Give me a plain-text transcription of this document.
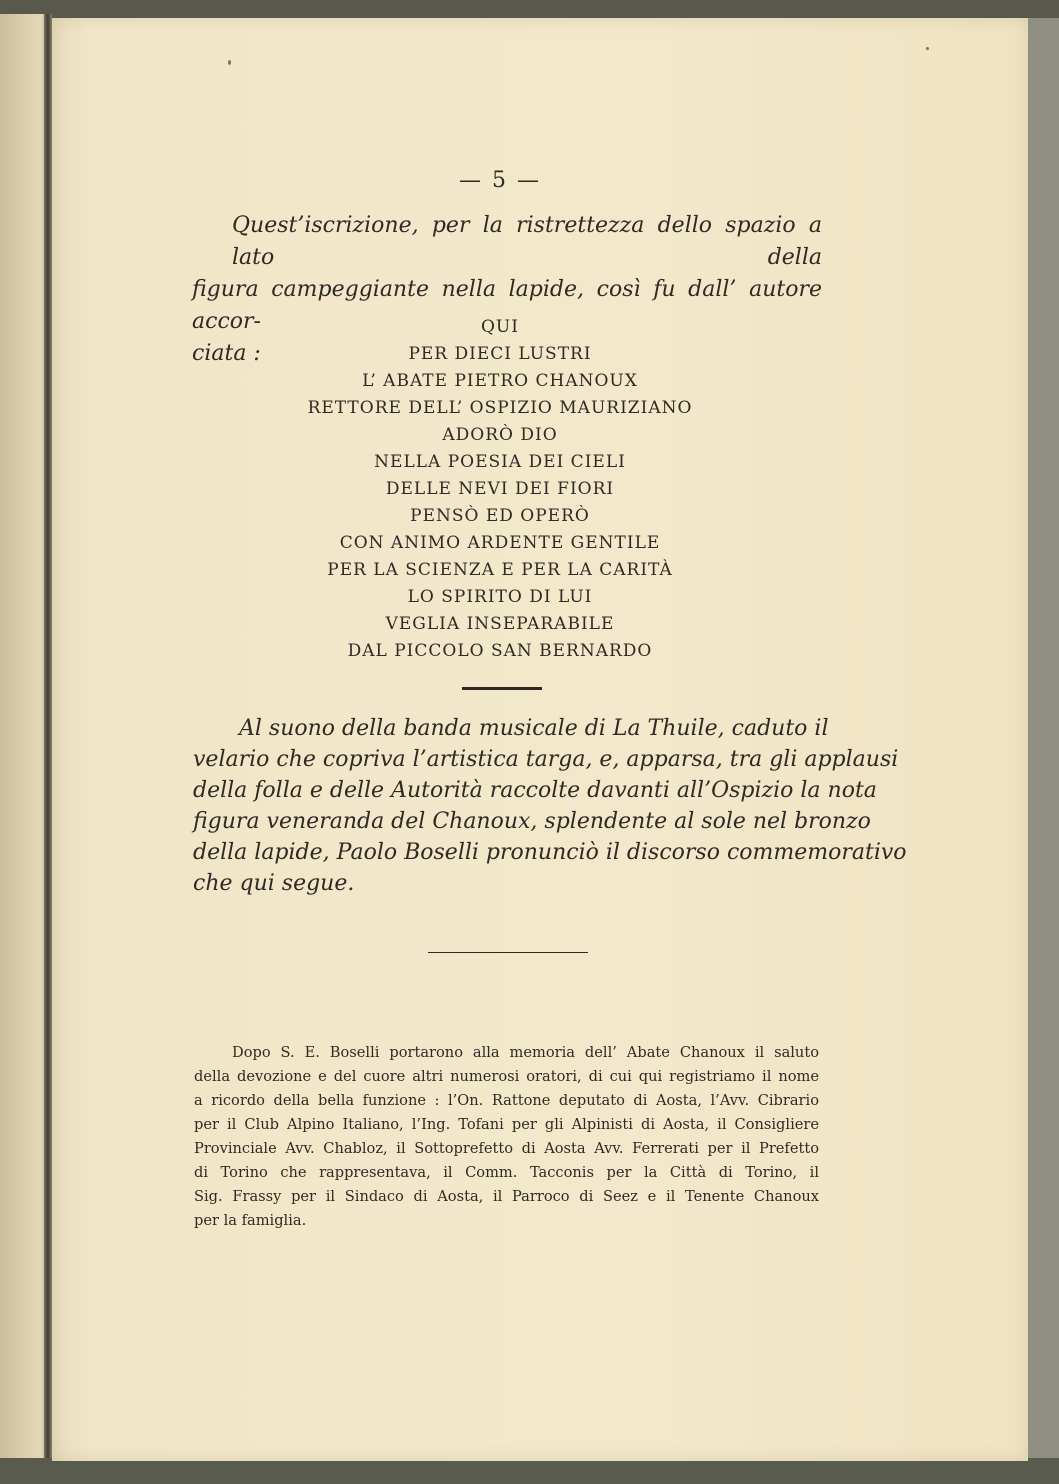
— 5 —
Quest’iscrizione, per la ristrettezza dello spazio a lato della
figura campeggiante nella lapide, così fu dall’ autore accor-
ciata :
QUI
PER DIECI LUSTRI
L’ ABATE PIETRO CHANOUX
RETTORE DELL’ OSPIZIO MAURIZIANO
ADORÒ DIO
NELLA POESIA DEI CIELI
DELLE NEVI DEI FIORI
PENSÒ ED OPERÒ
CON ANIMO ARDENTE GENTILE
PER LA SCIENZA E PER LA CARITÀ
LO SPIRITO DI LUI
VEGLIA INSEPARABILE
DAL PICCOLO SAN BERNARDO
Al suono della banda musicale di La Thuile, caduto il
velario che copriva l’artistica targa, e, apparsa, tra gli applausi
della folla e delle Autorità raccolte davanti all’Ospizio la nota
figura veneranda del Chanoux, splendente al sole nel bronzo
della lapide, Paolo Boselli pronunciò il discorso commemorativo
che qui segue.
Dopo S. E. Boselli portarono alla memoria dell’ Abate Chanoux il saluto
della devozione e del cuore altri numerosi oratori, di cui qui registriamo il nome
a ricordo della bella funzione : l’On. Rattone deputato di Aosta, l’Avv. Cibrario
per il Club Alpino Italiano, l’Ing. Tofani per gli Alpinisti di Aosta, il Consigliere
Provinciale Avv. Chabloz, il Sottoprefetto di Aosta Avv. Ferrerati per il Prefetto
di Torino che rappresentava, il Comm. Tacconis per la Città di Torino, il
Sig. Frassy per il Sindaco di Aosta, il Parroco di Seez e il Tenente Chanoux
per la famiglia.
